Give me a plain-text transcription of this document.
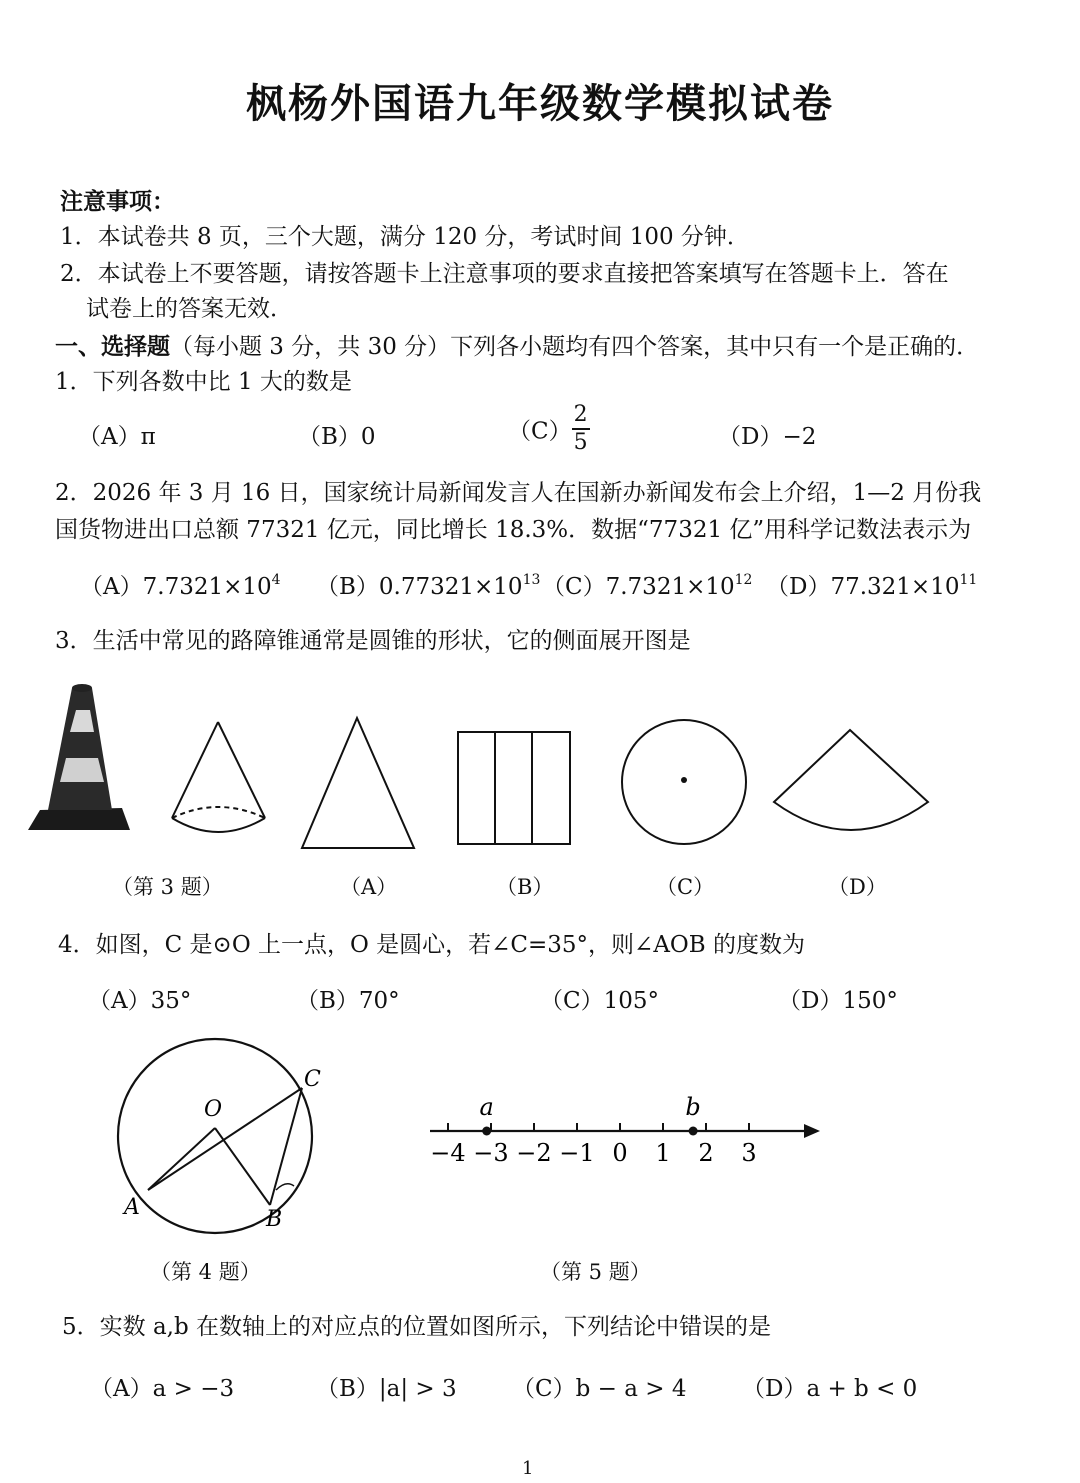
枫杨外国语九年级数学模拟试卷
注意事项：
1．本试卷共 8 页，三个大题，满分 120 分，考试时间 100 分钟．
2．本试卷上不要答题，请按答题卡上注意事项的要求直接把答案填写在答题卡上．答在
试卷上的答案无效．
一、选择题（每小题 3 分，共 30 分）下列各小题均有四个答案，其中只有一个是正确的．
1．下列各数中比 1 大的数是
（A）π	（B）0	$(C) \frac{2}{5}$	（D）−2
2．2026 年 3 月 16 日，国家统计局新闻发言人在国新办新闻发布会上介绍，1—2 月份我
国货物进出口总额 77321 亿元，同比增长 18.3%．数据“77321 亿”用科学记数法表示为
$(A)7.7321\times 10^4$ $(B)0.77321\times 10^{13}$ $(C)7.7321\times 10^{12}$ $(D)77.321\times 10^{11}$
3．生活中常见的路障锥通常是圆锥的形状，它的侧面展开图是
（第 3 题）	（A）	（B）	（C）	（D）
4．如图，C 是⊙O 上一点，O 是圆心，若∠C=35°，则∠AOB 的度数为
（A）35°	（B）70°	（C）105°	（D）150°
O
A	B
C
−4 −3 −2 −1 0 1 2 3
a	b
（第 4 题）	（第 5 题）
5．实数 a,b 在数轴上的对应点的位置如图所示，下列结论中错误的是
（A）a > −3	（B）|a| > 3 （C）b − a > 4 （D）a + b < 0
1
